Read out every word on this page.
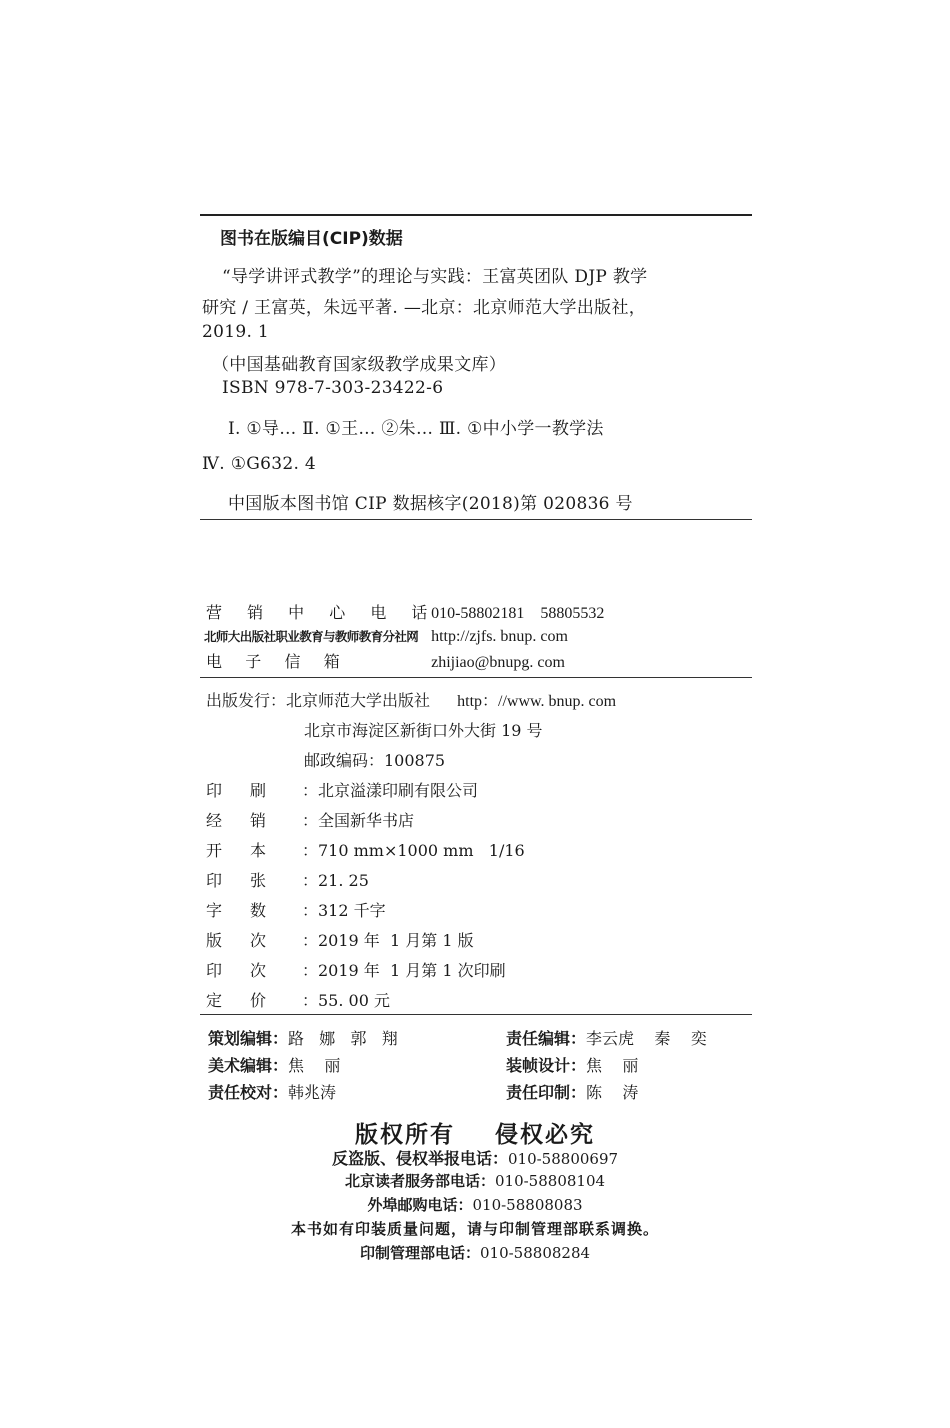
图书在版编目(CIP)数据
“导学讲评式教学”的理论与实践：王富英团队 DJP 教学
研究 / 王富英，朱远平著. —北京：北京师范大学出版社，
2019. 1
（中国基础教育国家级教学成果文库）
ISBN 978-7-303-23422-6
Ⅰ. ①导… Ⅱ. ①王… ②朱… Ⅲ. ①中小学一教学法
Ⅳ. ①G632. 4
中国版本图书馆 CIP 数据核字(2018)第 020836 号
营 销 中 心 电 话 010-58802181    58805532
北师大出版社职业教育与教师教育分社网 http://zjfs. bnup. com
电   子   信   箱	zhijiao@bnupg. com
出版发行：北京师范大学出版社 http：//www. bnup. com
北京市海淀区新街口外大街 19 号
邮政编码：100875
印刷 ：北京溢漾印刷有限公司
经销 ：全国新华书店
开本 ：710 mm×1000 mm   1/16
印张 ：21. 25
字数 ：312 千字
版次 ：2019 年  1 月第 1 版
印次 ：2019 年  1 月第 1 次印刷
定价 ：55. 00 元
策划编辑：路   娜   郭   翔	责任编辑：李云虎    秦    奕
美术编辑：焦    丽	装帧设计：焦    丽
责任校对：韩兆涛	责任印制：陈    涛
版权所有    侵权必究
反盗版、侵权举报电话：010-58800697
北京读者服务部电话：010-58808104
外埠邮购电话：010-58808083
本书如有印装质量问题，请与印制管理部联系调换。
印制管理部电话：010-58808284
